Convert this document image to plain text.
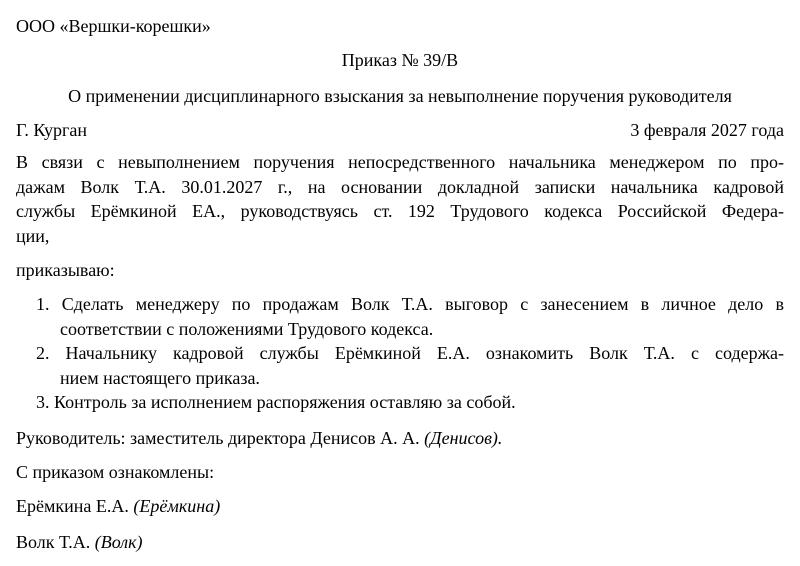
ООО «Вершки-корешки»
Приказ № 39/В
О применении дисциплинарного взыскания за невыполнение поручения руководителя
Г. Курган	3 февраля 2027 года
В связи с невыполнением поручения непосредственного начальника менеджером по про-
дажам Волк Т.А. 30.01.2027 г., на основании докладной записки начальника кадровой
службы Ерёмкиной ЕА., руководствуясь ст. 192 Трудового кодекса Российской Федера-
ции,
приказываю:
1. Сделать менеджеру по продажам Волк Т.А. выговор с занесением в личное дело в
соответствии с положениями Трудового кодекса.
2. Начальнику кадровой службы Ерёмкиной Е.А. ознакомить Волк Т.А. с содержа-
нием настоящего приказа.
3. Контроль за исполнением распоряжения оставляю за собой.
Руководитель: заместитель директора Денисов А. А. (Денисов).
С приказом ознакомлены:
Ерёмкина Е.А. (Ерёмкина)
Волк Т.А. (Волк)
